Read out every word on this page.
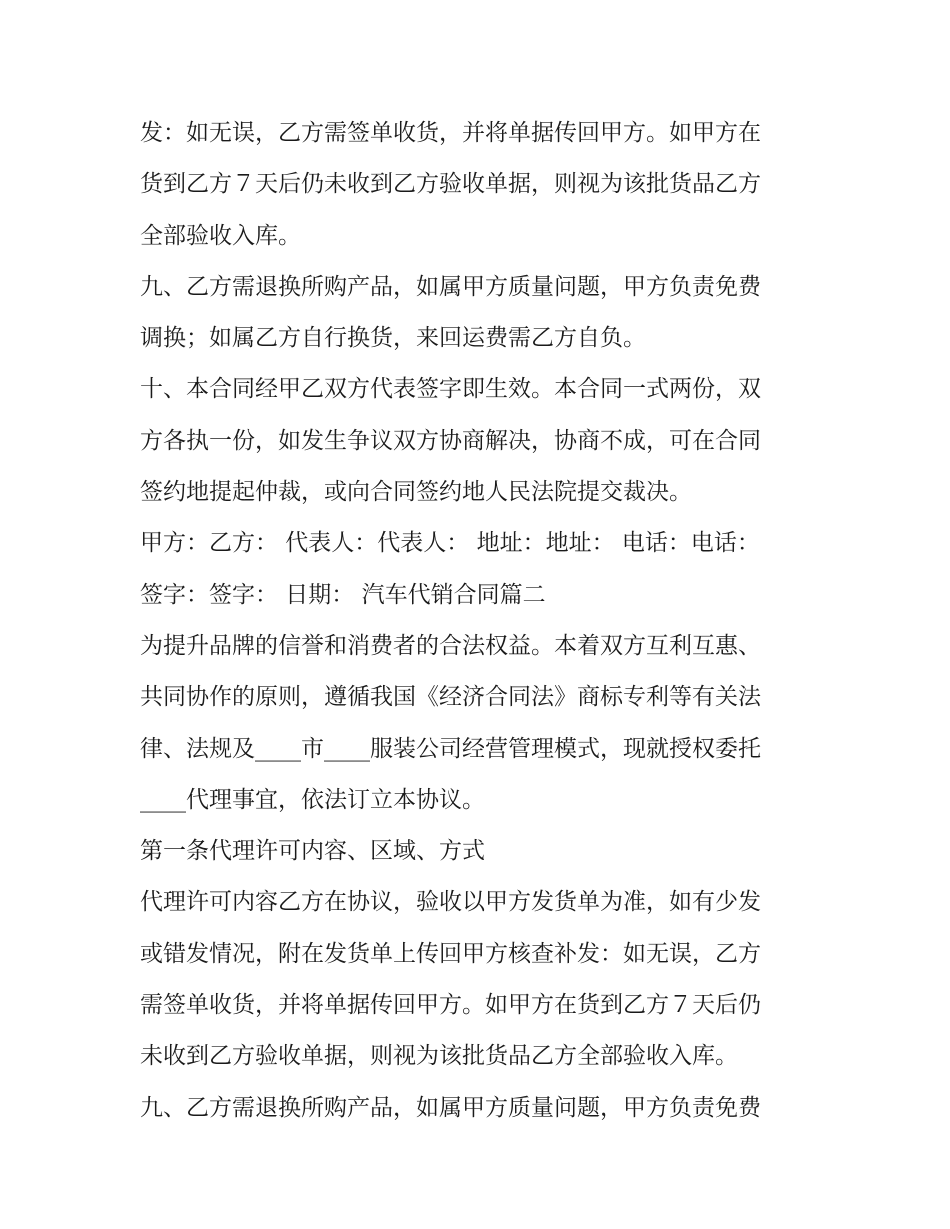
发：如无误，乙方需签单收货，并将单据传回甲方。如甲方在
货到乙方７天后仍未收到乙方验收单据，则视为该批货品乙方
全部验收入库。
九、乙方需退换所购产品，如属甲方质量问题，甲方负责免费
调换；如属乙方自行换货，来回运费需乙方自负。
十、本合同经甲乙双方代表签字即生效。本合同一式两份，双
方各执一份，如发生争议双方协商解决，协商不成，可在合同
签约地提起仲裁，或向合同签约地人民法院提交裁决。
甲方：乙方： 代表人：代表人： 地址：地址： 电话：电话：
签字：签字： 日期： 汽车代销合同篇二
为提升品牌的信誉和消费者的合法权益。本着双方互利互惠、
共同协作的原则，遵循我国《经济合同法》商标专利等有关法
律、法规及____市____服装公司经营管理模式，现就授权委托
____代理事宜，依法订立本协议。
第一条代理许可内容、区域、方式
代理许可内容乙方在协议，验收以甲方发货单为准，如有少发
或错发情况，附在发货单上传回甲方核查补发：如无误，乙方
需签单收货，并将单据传回甲方。如甲方在货到乙方７天后仍
未收到乙方验收单据，则视为该批货品乙方全部验收入库。
九、乙方需退换所购产品，如属甲方质量问题，甲方负责免费
